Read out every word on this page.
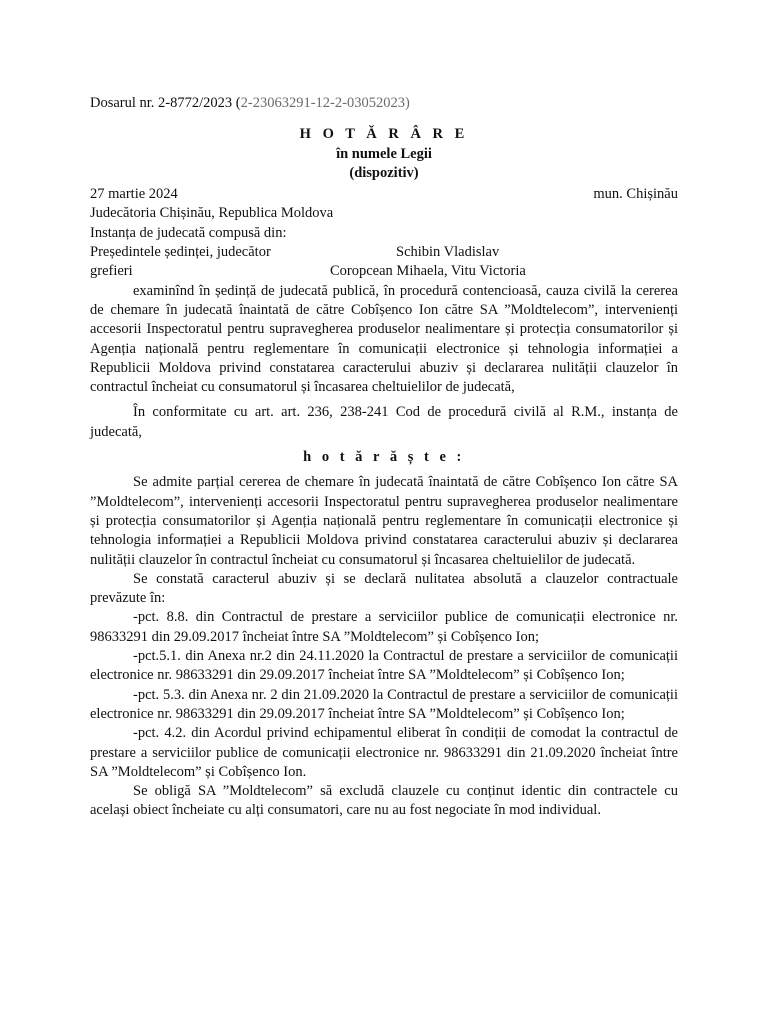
Dosarul nr. 2-8772/2023 (2-23063291-12-2-03052023)
H O T Ă R Â R E
în numele Legii
(dispozitiv)
27 martie 2024	mun. Chișinău
Judecătoria Chișinău, Republica Moldova
Instanța de judecată compusă din:
Președintele ședinței, judecător	Schibin Vladislav
grefieri	Coropcean Mihaela, Vitu Victoria
examinînd în ședință de judecată publică, în procedură contencioasă, cauza civilă la cererea de chemare în judecată înaintată de către Cobîșenco Ion către SA ”Moldtelecom”, intervenienți accesorii Inspectoratul pentru supravegherea produselor nealimentare și protecția consumatorilor și Agenția națională pentru reglementare în comunicații electronice și tehnologia informației a Republicii Moldova privind constatarea caracterului abuziv și declararea nulității clauzelor în contractul încheiat cu consumatorul și încasarea cheltuielilor de judecată,
În conformitate cu art. art. 236, 238-241 Cod de procedură civilă al R.M., instanța de judecată,
h o t ă r ă ș t e :
Se admite parțial cererea de chemare în judecată înaintată de către Cobîșenco Ion către SA ”Moldtelecom”, intervenienți accesorii Inspectoratul pentru supravegherea produselor nealimentare și protecția consumatorilor și Agenția națională pentru reglementare în comunicații electronice și tehnologia informației a Republicii Moldova privind constatarea caracterului abuziv și declararea nulității clauzelor în contractul încheiat cu consumatorul și încasarea cheltuielilor de judecată.
Se constată caracterul abuziv și se declară nulitatea absolută a clauzelor contractuale prevăzute în:
-pct. 8.8. din Contractul de prestare a serviciilor publice de comunicații electronice nr. 98633291 din 29.09.2017 încheiat între SA ”Moldtelecom” și Cobîșenco Ion;
-pct.5.1. din Anexa nr.2 din 24.11.2020 la Contractul de prestare a serviciilor de comunicații electronice nr. 98633291 din 29.09.2017 încheiat între SA ”Moldtelecom” și Cobîșenco Ion;
-pct. 5.3. din Anexa nr. 2 din 21.09.2020 la Contractul de prestare a serviciilor de comunicații electronice nr. 98633291 din 29.09.2017 încheiat între SA ”Moldtelecom” și Cobîșenco Ion;
-pct. 4.2. din Acordul privind echipamentul eliberat în condiții de comodat la contractul de prestare a serviciilor publice de comunicații electronice nr. 98633291 din 21.09.2020 încheiat între SA ”Moldtelecom” și Cobîșenco Ion.
Se obligă SA ”Moldtelecom” să excludă clauzele cu conținut identic din contractele cu același obiect încheiate cu alți consumatori, care nu au fost negociate în mod individual.
